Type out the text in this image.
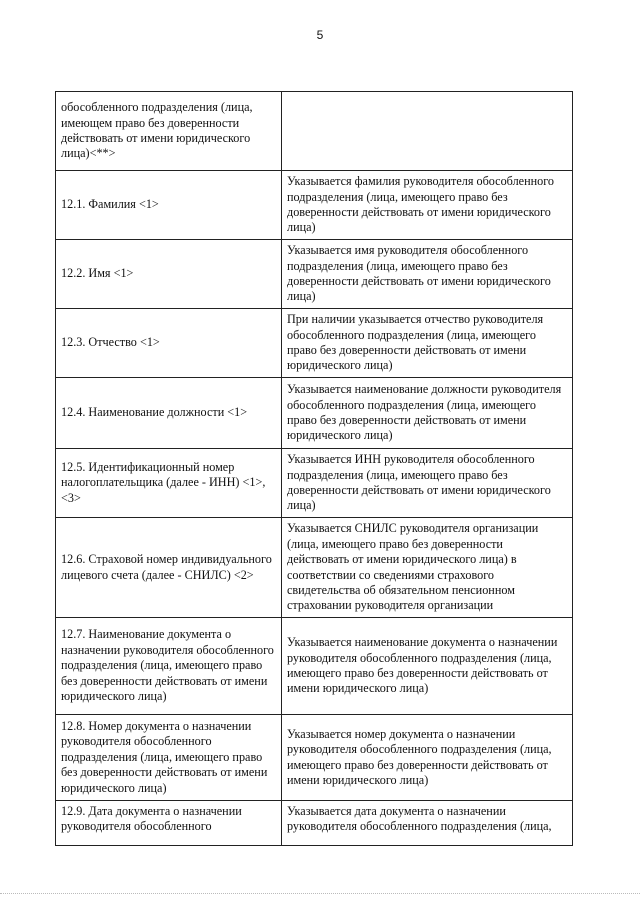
5
обособленного подразделения (лица, имеющем право без доверенности действовать от имени юридического лица)<**>	
12.1. Фамилия <1>	Указывается фамилия руководителя обособленного подразделения (лица, имеющего право без доверенности действовать от имени юридического лица)
12.2. Имя <1>	Указывается имя руководителя обособленного подразделения (лица, имеющего право без доверенности действовать от имени юридического лица)
12.3. Отчество <1>	При наличии указывается отчество руководителя обособленного подразделения (лица, имеющего право без доверенности действовать от имени юридического лица)
12.4. Наименование должности <1>	Указывается наименование должности руководителя обособленного подразделения (лица, имеющего право без доверенности действовать от имени юридического лица)
12.5. Идентификационный номер налогоплательщика (далее - ИНН) <1>, <3>	Указывается ИНН руководителя обособленного подразделения (лица, имеющего право без доверенности действовать от имени юридического лица)
12.6. Страховой номер индивидуального лицевого счета (далее - СНИЛС) <2>	Указывается СНИЛС руководителя организации (лица, имеющего право без доверенности действовать от имени юридического лица) в соответствии со сведениями страхового свидетельства об обязательном пенсионном страховании руководителя организации
12.7. Наименование документа о назначении руководителя обособленного подразделения (лица, имеющего право без доверенности действовать от имени юридического лица)	Указывается наименование документа о назначении руководителя обособленного подразделения (лица, имеющего право без доверенности действовать от имени юридического лица)
12.8. Номер документа о назначении руководителя обособленного подразделения (лица, имеющего право без доверенности действовать от имени юридического лица)	Указывается номер документа о назначении руководителя обособленного подразделения (лица, имеющего право без доверенности действовать от имени юридического лица)
12.9. Дата документа о назначении руководителя обособленного	Указывается дата документа о назначении руководителя обособленного подразделения (лица,
